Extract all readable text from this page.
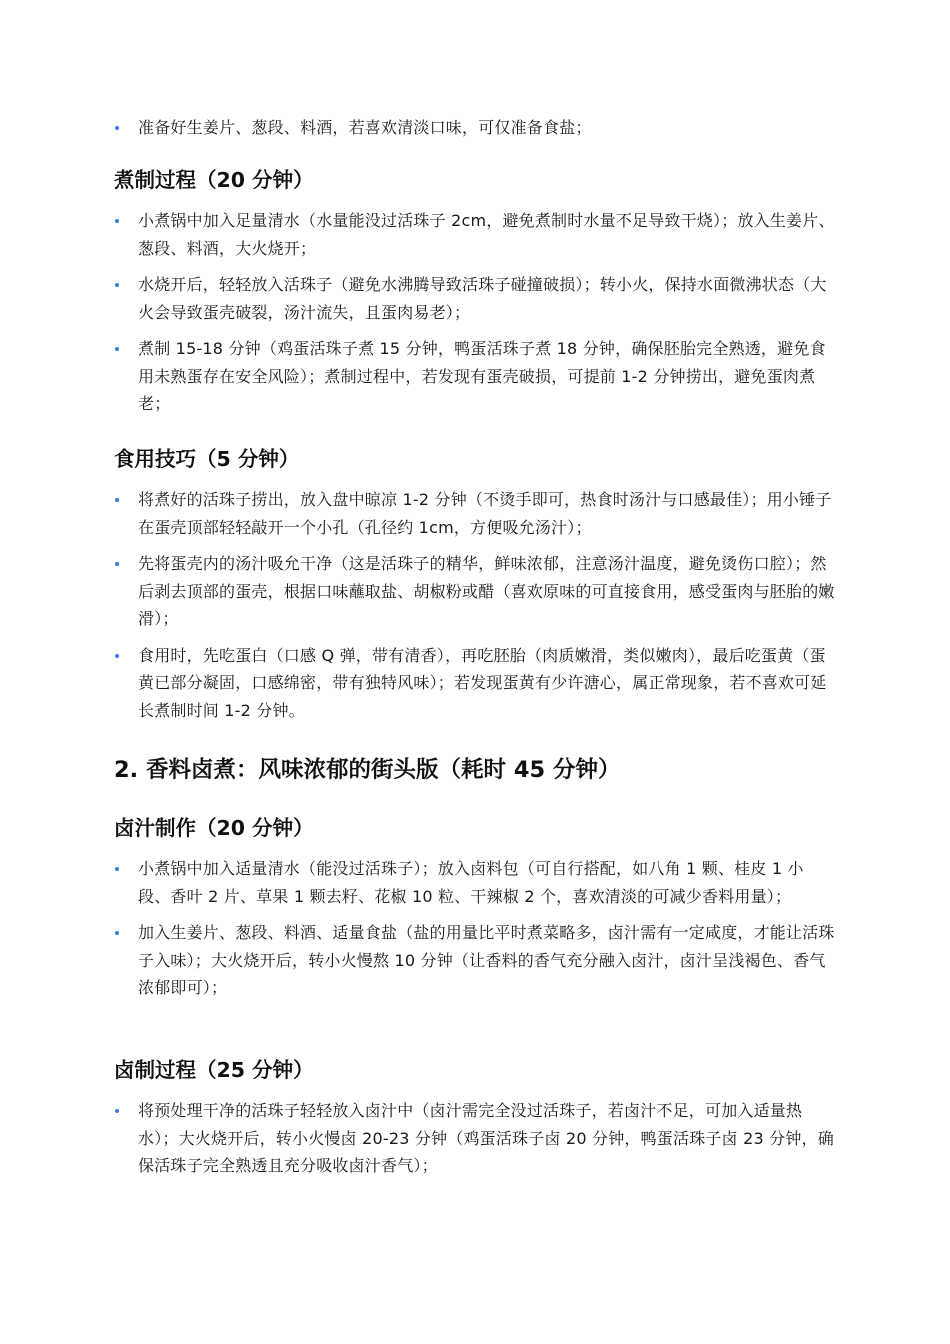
准备好生姜片、葱段、料酒，若喜欢清淡口味，可仅准备食盐；
煮制过程（20 分钟）
小煮锅中加入足量清水（水量能没过活珠子 2cm，避免煮制时水量不足导致干烧）；放入生姜片、葱段、料酒，大火烧开；
水烧开后，轻轻放入活珠子（避免水沸腾导致活珠子碰撞破损）；转小火，保持水面微沸状态（大火会导致蛋壳破裂，汤汁流失，且蛋肉易老）；
煮制 15-18 分钟（鸡蛋活珠子煮 15 分钟，鸭蛋活珠子煮 18 分钟，确保胚胎完全熟透，避免食用未熟蛋存在安全风险）；煮制过程中，若发现有蛋壳破损，可提前 1-2 分钟捞出，避免蛋肉煮老；
食用技巧（5 分钟）
将煮好的活珠子捞出，放入盘中晾凉 1-2 分钟（不烫手即可，热食时汤汁与口感最佳）；用小锤子在蛋壳顶部轻轻敲开一个小孔（孔径约 1cm，方便吸允汤汁）；
先将蛋壳内的汤汁吸允干净（这是活珠子的精华，鲜味浓郁，注意汤汁温度，避免烫伤口腔）；然后剥去顶部的蛋壳，根据口味蘸取盐、胡椒粉或醋（喜欢原味的可直接食用，感受蛋肉与胚胎的嫩滑）；
食用时，先吃蛋白（口感 Q 弹，带有清香），再吃胚胎（肉质嫩滑，类似嫩肉），最后吃蛋黄（蛋黄已部分凝固，口感绵密，带有独特风味）；若发现蛋黄有少许溏心，属正常现象，若不喜欢可延长煮制时间 1-2 分钟。
2. 香料卤煮：风味浓郁的街头版（耗时 45 分钟）
卤汁制作（20 分钟）
小煮锅中加入适量清水（能没过活珠子）；放入卤料包（可自行搭配，如八角 1 颗、桂皮 1 小段、香叶 2 片、草果 1 颗去籽、花椒 10 粒、干辣椒 2 个，喜欢清淡的可减少香料用量）；
加入生姜片、葱段、料酒、适量食盐（盐的用量比平时煮菜略多，卤汁需有一定咸度，才能让活珠子入味）；大火烧开后，转小火慢熬 10 分钟（让香料的香气充分融入卤汁，卤汁呈浅褐色、香气浓郁即可）；
卤制过程（25 分钟）
将预处理干净的活珠子轻轻放入卤汁中（卤汁需完全没过活珠子，若卤汁不足，可加入适量热水）；大火烧开后，转小火慢卤 20-23 分钟（鸡蛋活珠子卤 20 分钟，鸭蛋活珠子卤 23 分钟，确保活珠子完全熟透且充分吸收卤汁香气）；
